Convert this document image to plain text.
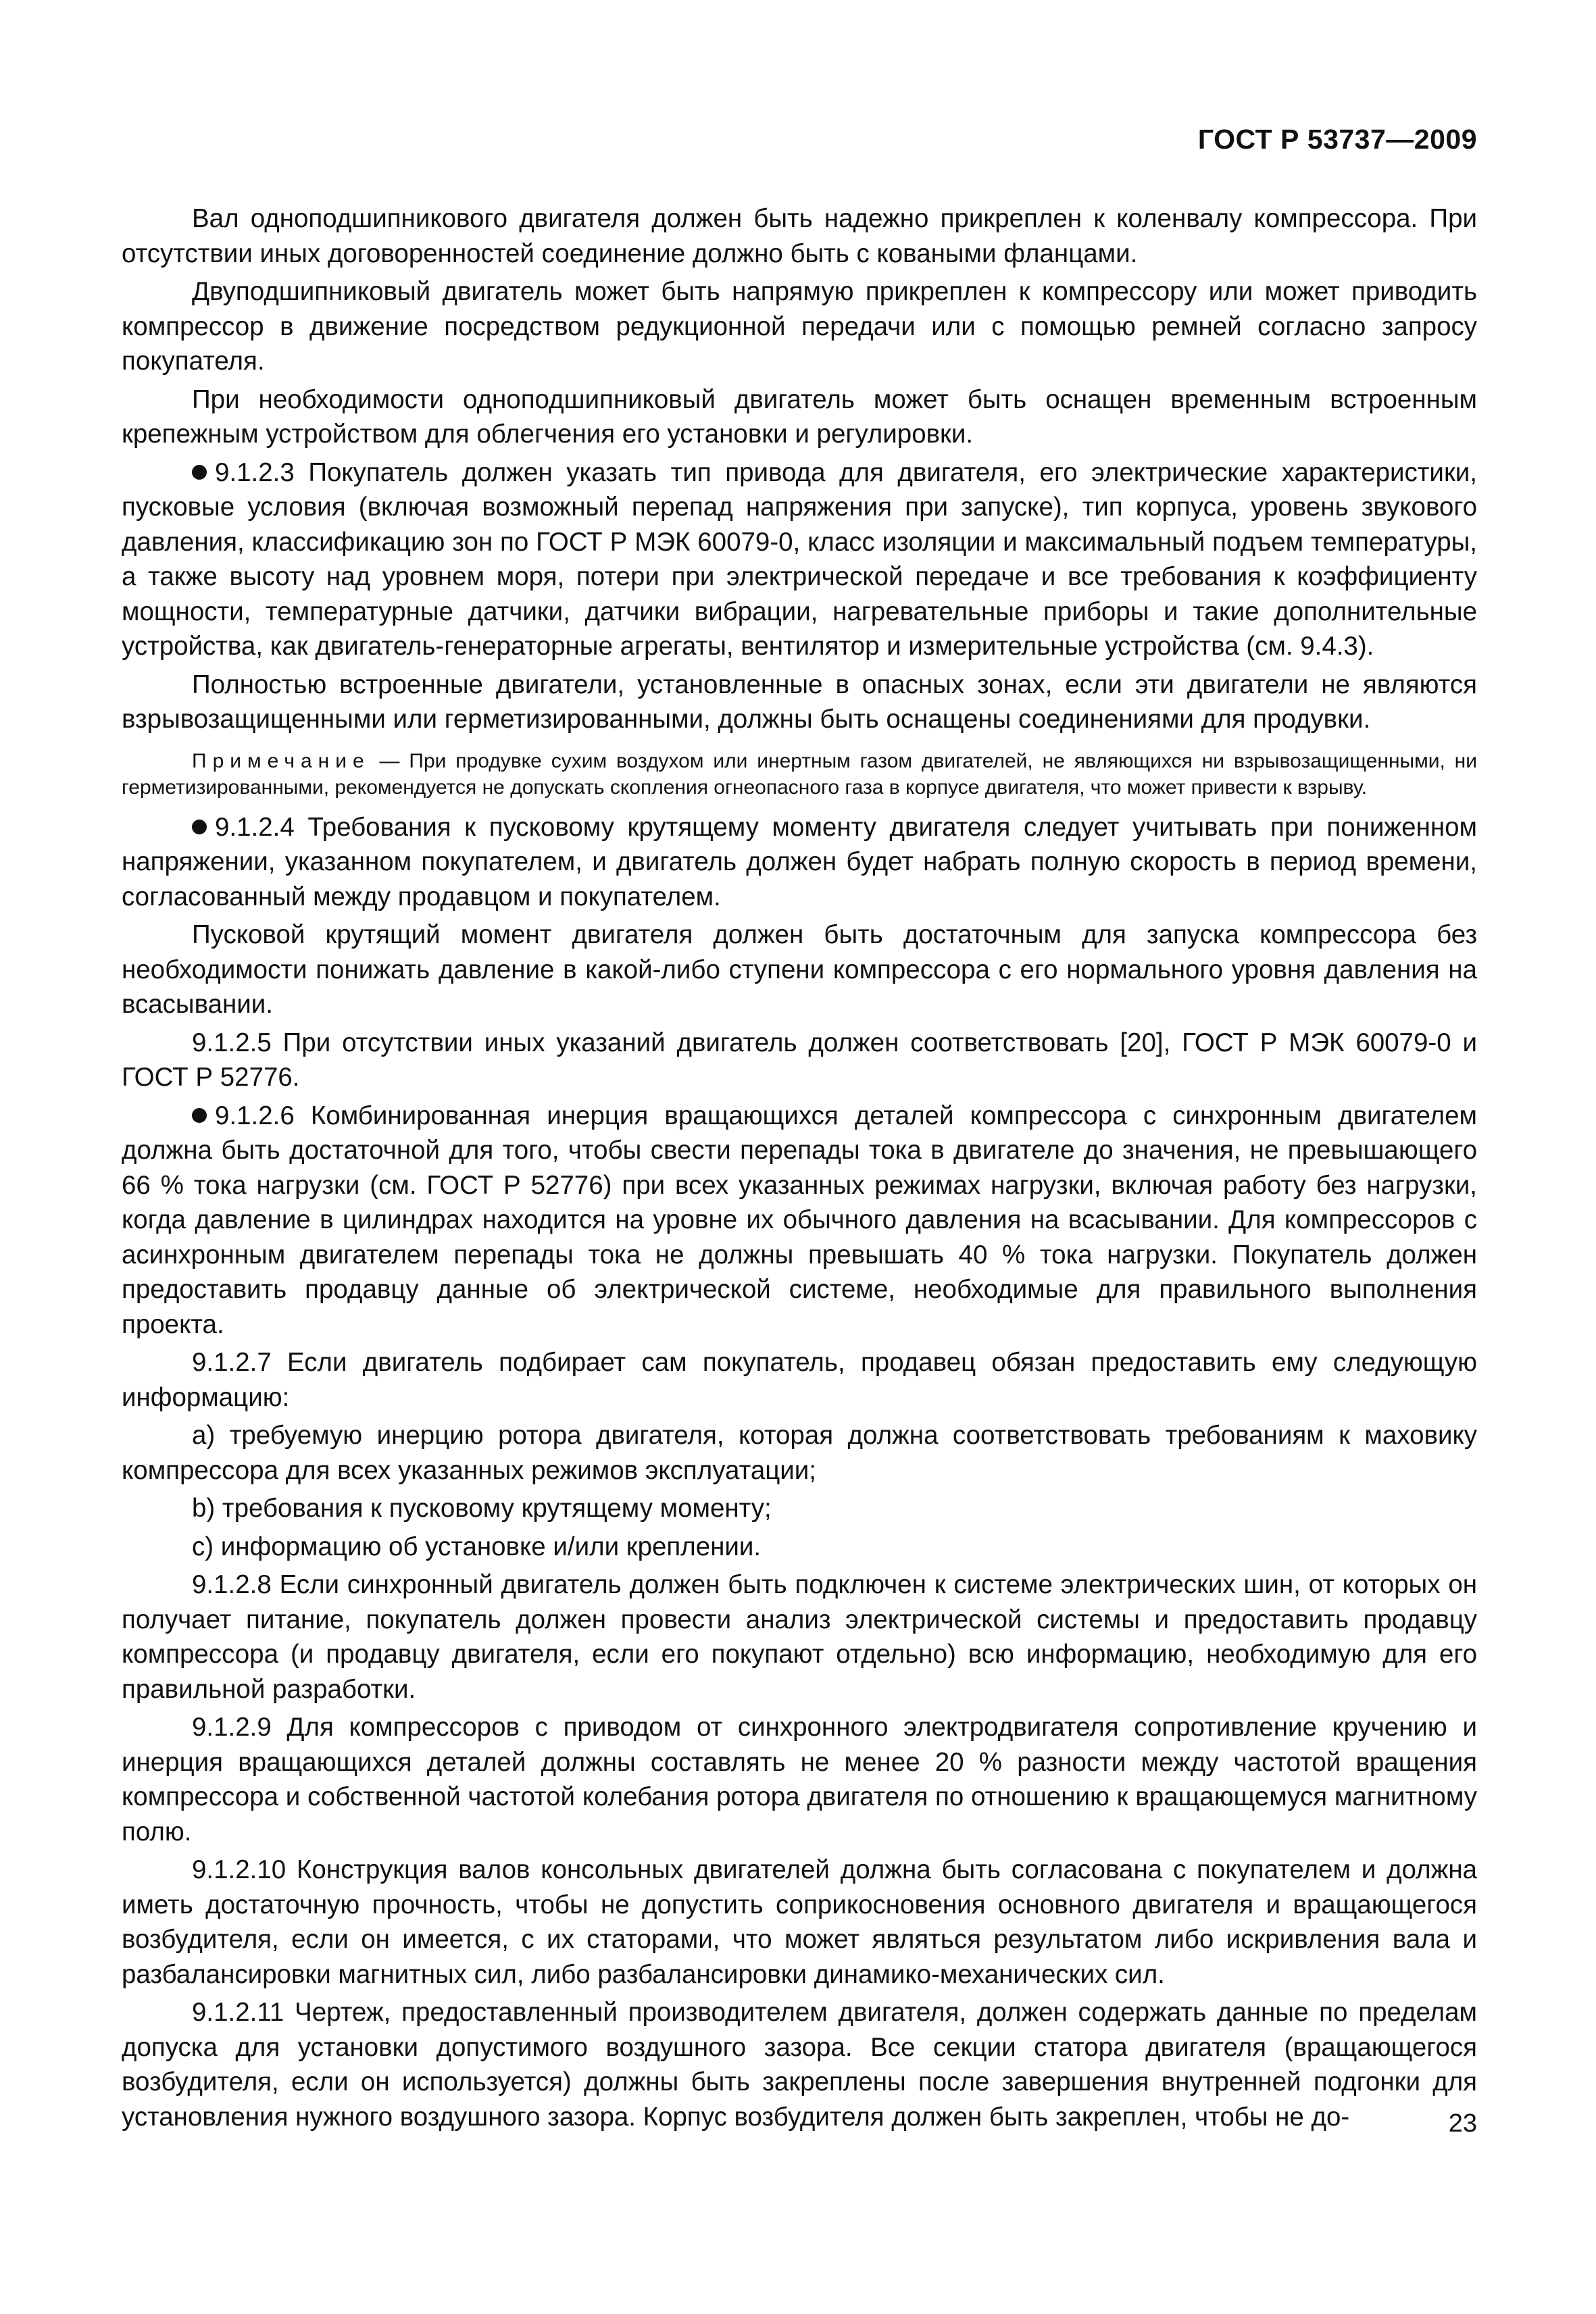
ГОСТ Р 53737—2009

Вал одноподшипникового двигателя должен быть надежно прикреплен к коленвалу компрессора. При отсутствии иных договоренностей соединение должно быть с коваными фланцами.

Двуподшипниковый двигатель может быть напрямую прикреплен к компрессору или может приводить компрессор в движение посредством редукционной передачи или с помощью ремней согласно запросу покупателя.

При необходимости одноподшипниковый двигатель может быть оснащен временным встроенным крепежным устройством для облегчения его установки и регулировки.

9.1.2.3 Покупатель должен указать тип привода для двигателя, его электрические характеристики, пусковые условия (включая возможный перепад напряжения при запуске), тип корпуса, уровень звукового давления, классификацию зон по ГОСТ Р МЭК 60079-0, класс изоляции и максимальный подъем температуры, а также высоту над уровнем моря, потери при электрической передаче и все требования к коэффициенту мощности, температурные датчики, датчики вибрации, нагревательные приборы и такие дополнительные устройства, как двигатель-генераторные агрегаты, вентилятор и измерительные устройства (см. 9.4.3).

Полностью встроенные двигатели, установленные в опасных зонах, если эти двигатели не являются взрывозащищенными или герметизированными, должны быть оснащены соединениями для продувки.

Примечание — При продувке сухим воздухом или инертным газом двигателей, не являющихся ни взрывозащищенными, ни герметизированными, рекомендуется не допускать скопления огнеопасного газа в корпусе двигателя, что может привести к взрыву.

9.1.2.4 Требования к пусковому крутящему моменту двигателя следует учитывать при пониженном напряжении, указанном покупателем, и двигатель должен будет набрать полную скорость в период времени, согласованный между продавцом и покупателем.

Пусковой крутящий момент двигателя должен быть достаточным для запуска компрессора без необходимости понижать давление в какой-либо ступени компрессора с его нормального уровня давления на всасывании.

9.1.2.5 При отсутствии иных указаний двигатель должен соответствовать [20], ГОСТ Р МЭК 60079-0 и ГОСТ Р 52776.

9.1.2.6 Комбинированная инерция вращающихся деталей компрессора с синхронным двигателем должна быть достаточной для того, чтобы свести перепады тока в двигателе до значения, не превышающего 66 % тока нагрузки (см. ГОСТ Р 52776) при всех указанных режимах нагрузки, включая работу без нагрузки, когда давление в цилиндрах находится на уровне их обычного давления на всасывании. Для компрессоров с асинхронным двигателем перепады тока не должны превышать 40 % тока нагрузки. Покупатель должен предоставить продавцу данные об электрической системе, необходимые для правильного выполнения проекта.

9.1.2.7 Если двигатель подбирает сам покупатель, продавец обязан предоставить ему следующую информацию:

a) требуемую инерцию ротора двигателя, которая должна соответствовать требованиям к маховику компрессора для всех указанных режимов эксплуатации;

b) требования к пусковому крутящему моменту;

c) информацию об установке и/или креплении.

9.1.2.8 Если синхронный двигатель должен быть подключен к системе электрических шин, от которых он получает питание, покупатель должен провести анализ электрической системы и предоставить продавцу компрессора (и продавцу двигателя, если его покупают отдельно) всю информацию, необходимую для его правильной разработки.

9.1.2.9 Для компрессоров с приводом от синхронного электродвигателя сопротивление кручению и инерция вращающихся деталей должны составлять не менее 20 % разности между частотой вращения компрессора и собственной частотой колебания ротора двигателя по отношению к вращающемуся магнитному полю.

9.1.2.10 Конструкция валов консольных двигателей должна быть согласована с покупателем и должна иметь достаточную прочность, чтобы не допустить соприкосновения основного двигателя и вращающегося возбудителя, если он имеется, с их статорами, что может являться результатом либо искривления вала и разбалансировки магнитных сил, либо разбалансировки динамико-механических сил.

9.1.2.11 Чертеж, предоставленный производителем двигателя, должен содержать данные по пределам допуска для установки допустимого воздушного зазора. Все секции статора двигателя (вращающегося возбудителя, если он используется) должны быть закреплены после завершения внутренней подгонки для установления нужного воздушного зазора. Корпус возбудителя должен быть закреплен, чтобы не до-	23
